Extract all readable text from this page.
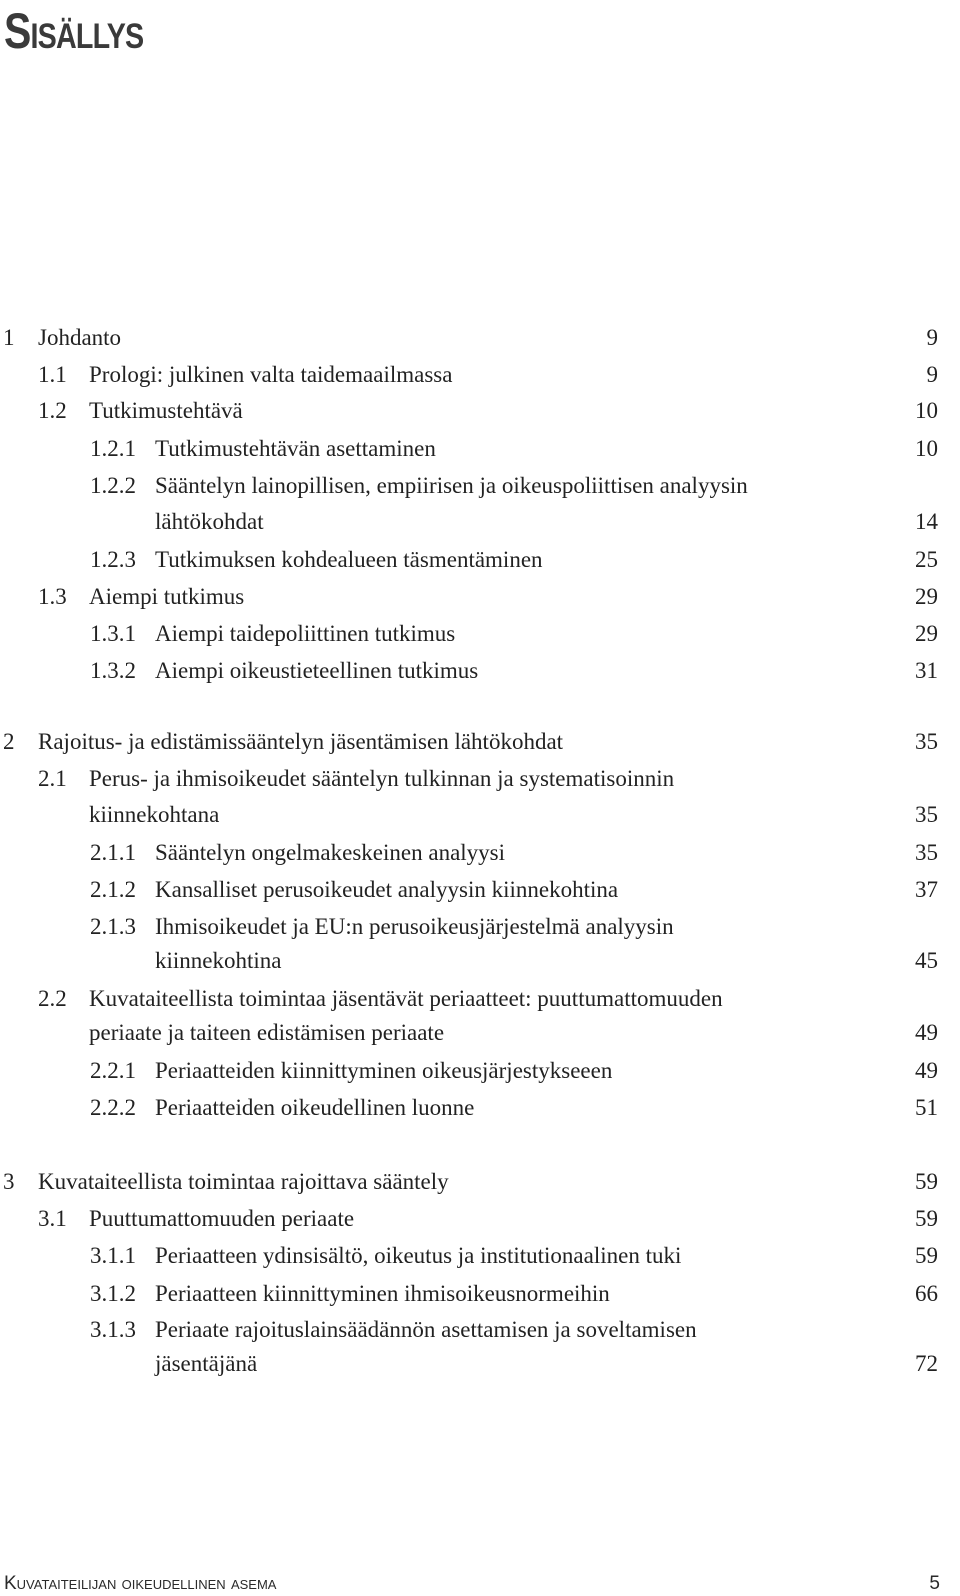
Sisällys
1 Johdanto	9
1.1 Prologi: julkinen valta taidemaailmassa	9
1.2 Tutkimustehtävä	10
1.2.1 Tutkimustehtävän asettaminen	10
1.2.2 Sääntelyn lainopillisen, empiirisen ja oikeuspoliittisen analyysin
lähtökohdat	14
1.2.3 Tutkimuksen kohdealueen täsmentäminen	25
1.3 Aiempi tutkimus	29
1.3.1 Aiempi taidepoliittinen tutkimus	29
1.3.2 Aiempi oikeustieteellinen tutkimus	31
2 Rajoitus- ja edistämissääntelyn jäsentämisen lähtökohdat	35
2.1 Perus- ja ihmisoikeudet sääntelyn tulkinnan ja systematisoinnin
kiinnekohtana	35
2.1.1 Sääntelyn ongelmakeskeinen analyysi	35
2.1.2 Kansalliset perusoikeudet analyysin kiinnekohtina	37
2.1.3 Ihmisoikeudet ja EU:n perusoikeusjärjestelmä analyysin
kiinnekohtina	45
2.2 Kuvataiteellista toimintaa jäsentävät periaatteet: puuttumattomuuden
periaate ja taiteen edistämisen periaate	49
2.2.1 Periaatteiden kiinnittyminen oikeusjärjestykseeen	49
2.2.2 Periaatteiden oikeudellinen luonne	51
3 Kuvataiteellista toimintaa rajoittava sääntely	59
3.1 Puuttumattomuuden periaate	59
3.1.1 Periaatteen ydinsisältö, oikeutus ja institutionaalinen tuki	59
3.1.2 Periaatteen kiinnittyminen ihmisoikeusnormeihin	66
3.1.3 Periaate rajoituslainsäädännön asettamisen ja soveltamisen
jäsentäjänä	72
Kuvataiteilijan oikeudellinen asema	5
